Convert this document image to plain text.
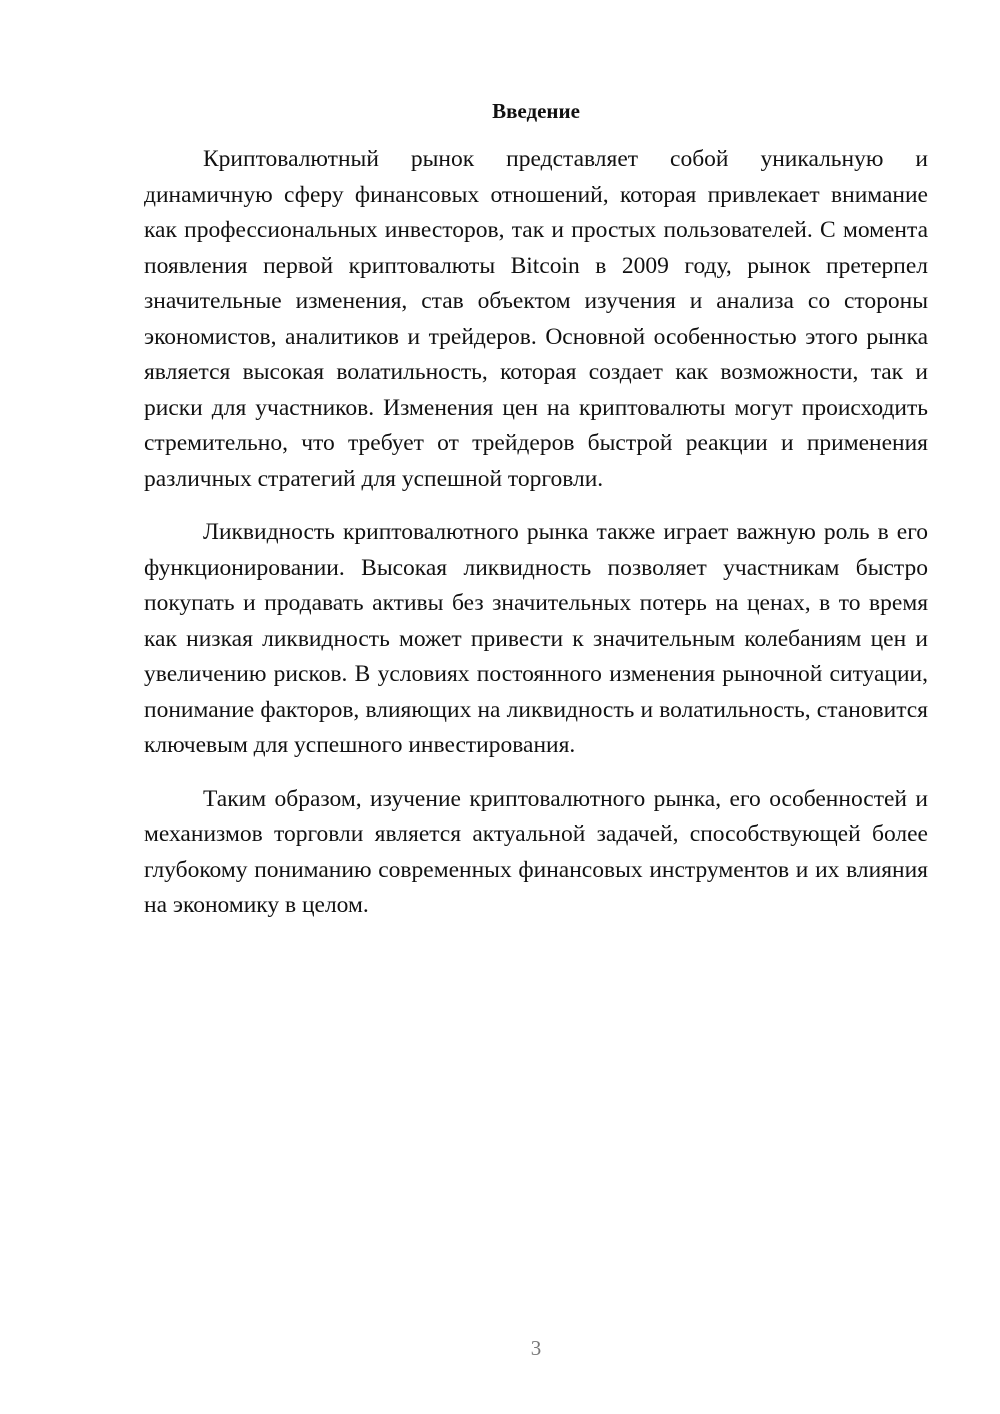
Введение

Криптовалютный рынок представляет собой уникальную и динамичную сферу финансовых отношений, которая привлекает внимание как профессиональных инвесторов, так и простых пользователей. С момента появления первой криптовалюты Bitcoin в 2009 году, рынок претерпел значительные изменения, став объектом изучения и анализа со стороны экономистов, аналитиков и трейдеров. Основной особенностью этого рынка является высокая волатильность, которая создает как возможности, так и риски для участников. Изменения цен на криптовалюты могут происходить стремительно, что требует от трейдеров быстрой реакции и применения различных стратегий для успешной торговли.

Ликвидность криптовалютного рынка также играет важную роль в его функционировании. Высокая ликвидность позволяет участникам быстро покупать и продавать активы без значительных потерь на ценах, в то время как низкая ликвидность может привести к значительным колебаниям цен и увеличению рисков. В условиях постоянного изменения рыночной ситуации, понимание факторов, влияющих на ликвидность и волатильность, становится ключевым для успешного инвестирования.

Таким образом, изучение криптовалютного рынка, его особенностей и механизмов торговли является актуальной задачей, способствующей более глубокому пониманию современных финансовых инструментов и их влияния на экономику в целом.

3
